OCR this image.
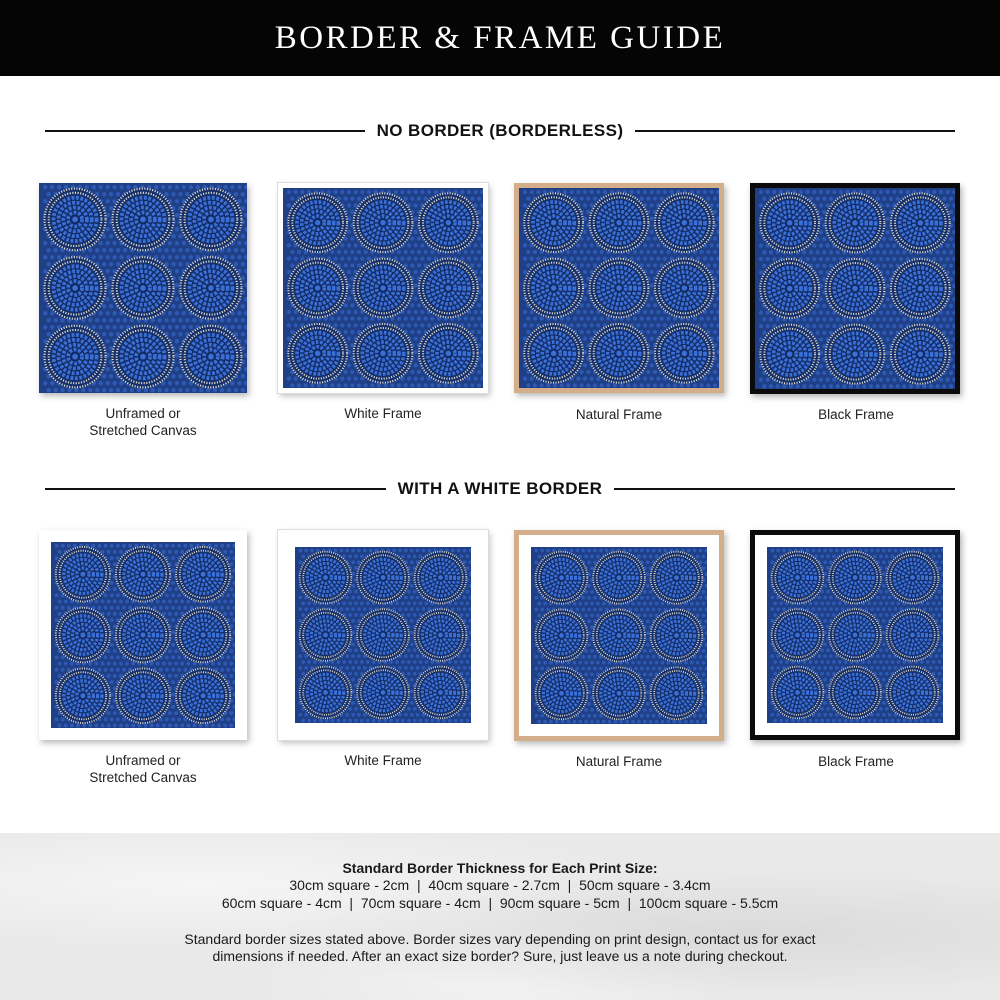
BORDER & FRAME GUIDE
NO BORDER (BORDERLESS)
WITH A WHITE BORDER
Unframed or
Stretched Canvas
White Frame	Natural Frame	Black Frame
Unframed or
Stretched Canvas
White Frame	Natural Frame	Black Frame
Standard Border Thickness for Each Print Size:
30cm square - 2cm  |  40cm square - 2.7cm  |  50cm square - 3.4cm
60cm square - 4cm  |  70cm square - 4cm  |  90cm square - 5cm  |  100cm square - 5.5cm
Standard border sizes stated above. Border sizes vary depending on print design, contact us for exact
dimensions if needed. After an exact size border? Sure, just leave us a note during checkout.
